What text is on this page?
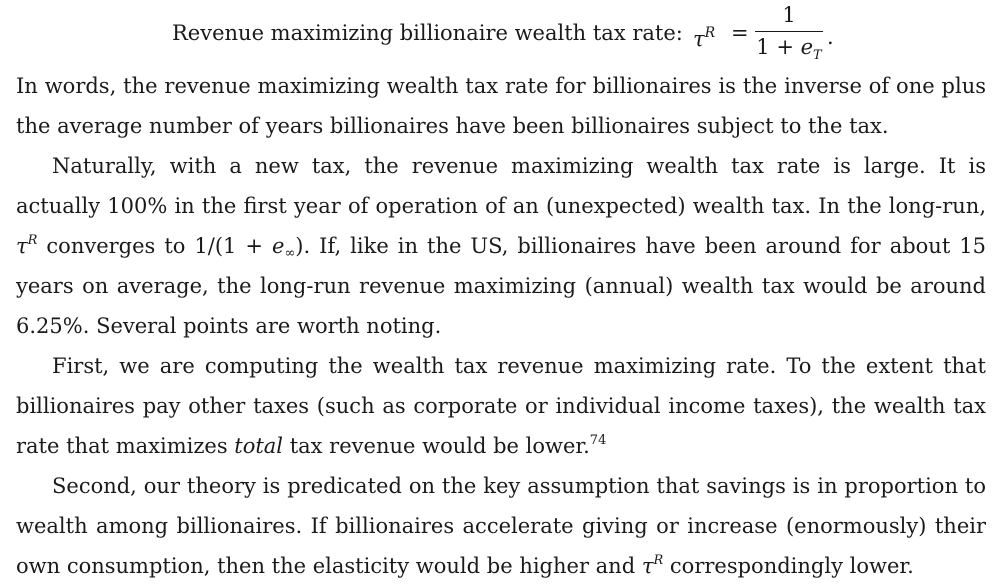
Revenue maximizing billionaire wealth tax rate: $\tau^R$ =
1
$1 + e_T$
.

In words, the revenue maximizing wealth tax rate for billionaires is the inverse of one plus the average number of years billionaires have been billionaires subject to the tax.

Naturally, with a new tax, the revenue maximizing wealth tax rate is large. It is actually 100% in the first year of operation of an (unexpected) wealth tax. In the long-run, $\tau^R$ converges to $1/(1 + e_\infty)$. If, like in the US, billionaires have been around for about 15 years on average, the long-run revenue maximizing (annual) wealth tax would be around 6.25%. Several points are worth noting.

First, we are computing the wealth tax revenue maximizing rate. To the extent that billionaires pay other taxes (such as corporate or individual income taxes), the wealth tax rate that maximizes total tax revenue would be lower.$^{74}$

Second, our theory is predicated on the key assumption that savings is in proportion to wealth among billionaires. If billionaires accelerate giving or increase (enormously) their own consumption, then the elasticity would be higher and $\tau^R$ correspondingly lower.
